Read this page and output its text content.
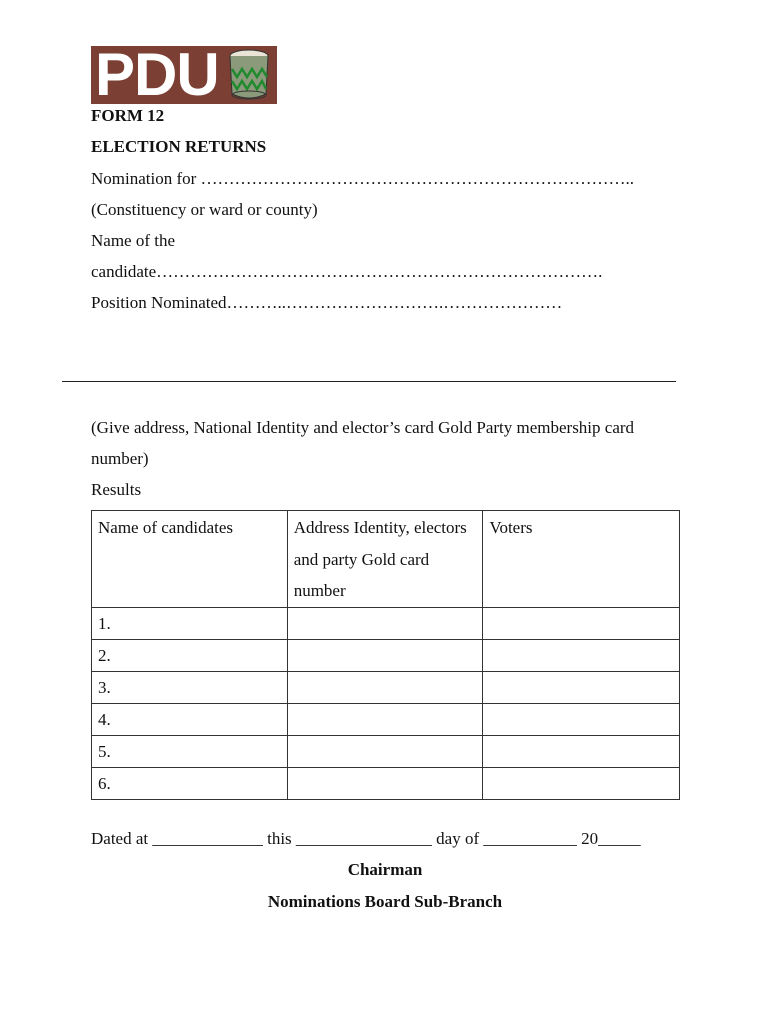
PDU
FORM 12
ELECTION RETURNS
Nomination for …………………………………………………………………..
(Constituency or ward or county)
Name of the
candidate…………………………………………………………………….
Position Nominated………..……………………….…………………
(Give address, National Identity and elector’s card Gold Party membership card
number)
Results
Name of candidates	Address Identity, electors and party Gold card number	Voters
1.		
2.		
3.		
4.		
5.		
6.		
Dated at _____________ this ________________ day of ___________ 20_____
Chairman
Nominations Board Sub-Branch
